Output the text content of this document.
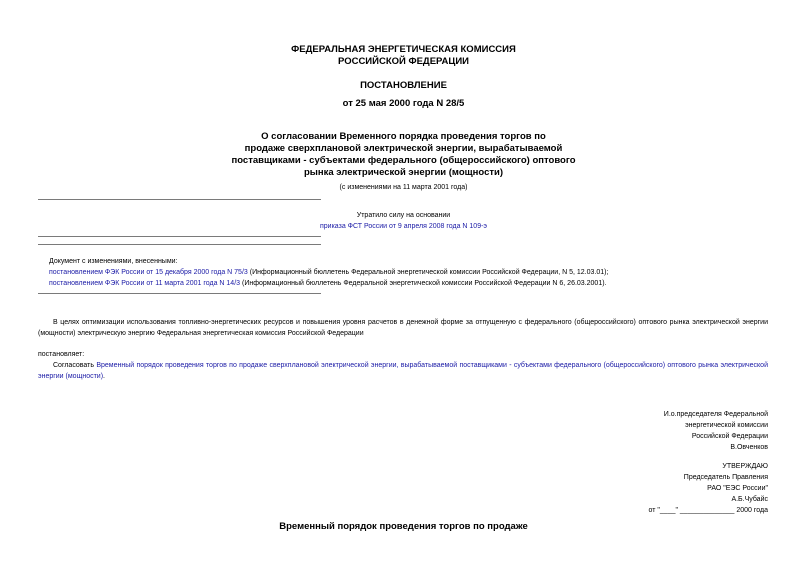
ФЕДЕРАЛЬНАЯ ЭНЕРГЕТИЧЕСКАЯ КОМИССИЯ
РОССИЙСКОЙ ФЕДЕРАЦИИ
ПОСТАНОВЛЕНИЕ
от 25 мая 2000 года N 28/5
О согласовании Временного порядка проведения торгов по
продаже сверхплановой электрической энергии, вырабатываемой
поставщиками - субъектами федерального (общероссийского) оптового
рынка электрической энергии (мощности)
(с изменениями на 11 марта 2001 года)
Утратило силу на основании
приказа ФСТ России от 9 апреля 2008 года N 109-э
Документ с изменениями, внесенными:
постановлением ФЭК России от 15 декабря 2000 года N 75/3 (Информационный бюллетень Федеральной энергетической комиссии Российской Федерации, N 5, 12.03.01);
постановлением ФЭК России от 11 марта 2001 года N 14/3 (Информационный бюллетень Федеральной энергетической комиссии Российской Федерации N 6, 26.03.2001).
В целях оптимизации использования топливно-энергетических ресурсов и повышения уровня расчетов в денежной форме за отпущенную с федерального (общероссийского) оптового рынка электрической энергии (мощности) электрическую энергию Федеральная энергетическая комиссия Российской Федерации
постановляет:
Согласовать Временный порядок проведения торгов по продаже сверхплановой электрической энергии, вырабатываемой поставщиками - субъектами федерального (общероссийского) оптового рынка электрической энергии (мощности).
И.о.председателя Федеральной
энергетической комиссии
Российской Федерации
В.Овченков
УТВЕРЖДАЮ
Председатель Правления
РАО "ЕЭС России"
А.Б.Чубайс
от "____" ______________ 2000 года
Временный порядок проведения торгов по продаже
